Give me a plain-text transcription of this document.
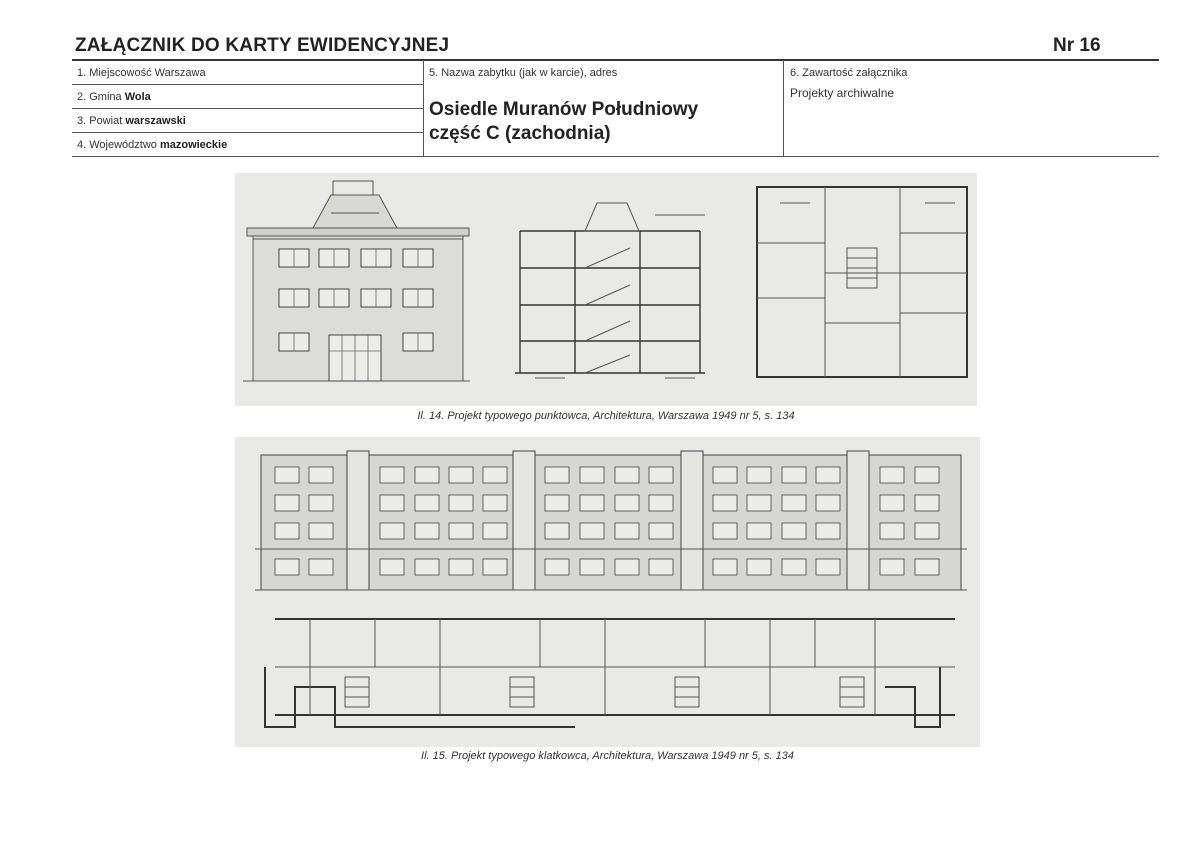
ZAŁĄCZNIK DO KARTY EWIDENCYJNEJ	Nr 16
1. Miejscowość Warszawa
2. Gmina Wola
3. Powiat warszawski
4. Województwo mazowieckie
5. Nazwa zabytku (jak w karcie), adres
Osiedle Muranów Południowy
część C (zachodnia)
6. Zawartość załącznika
Projekty archiwalne
Il. 14. Projekt typowego punktowca, Architektura, Warszawa 1949 nr 5, s. 134
Il. 15. Projekt typowego klatkowca, Architektura, Warszawa 1949 nr 5, s. 134
